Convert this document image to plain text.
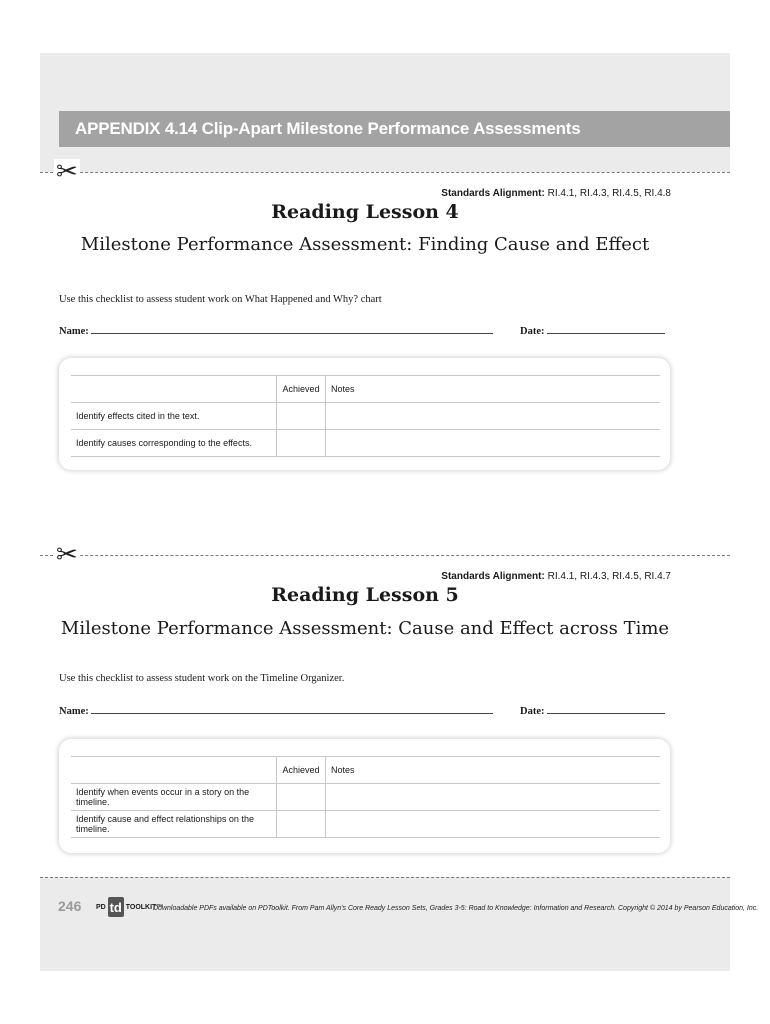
APPENDIX 4.14 Clip-Apart Milestone Performance Assessments
✂
Standards Alignment: RI.4.1, RI.4.3, RI.4.5, RI.4.8
Reading Lesson 4
Milestone Performance Assessment: Finding Cause and Effect
Use this checklist to assess student work on What Happened and Why? chart
Name:	Date:
	Achieved	Notes
Identify effects cited in the text.		
Identify causes corresponding to the effects.		
✂
Standards Alignment: RI.4.1, RI.4.3, RI.4.5, RI.4.7
Reading Lesson 5
Milestone Performance Assessment: Cause and Effect across Time
Use this checklist to assess student work on the Timeline Organizer.
Name:	Date:
	Achieved	Notes
Identify when events occur in a story on the timeline.		
Identify cause and effect relationships on the timeline.		
246 PD td TOOLKIT™
Downloadable PDFs available on PDToolkit. From Pam Allyn's Core Ready Lesson Sets, Grades 3-5: Road to Knowledge: Information and Research. Copyright © 2014 by Pearson Education, Inc.
